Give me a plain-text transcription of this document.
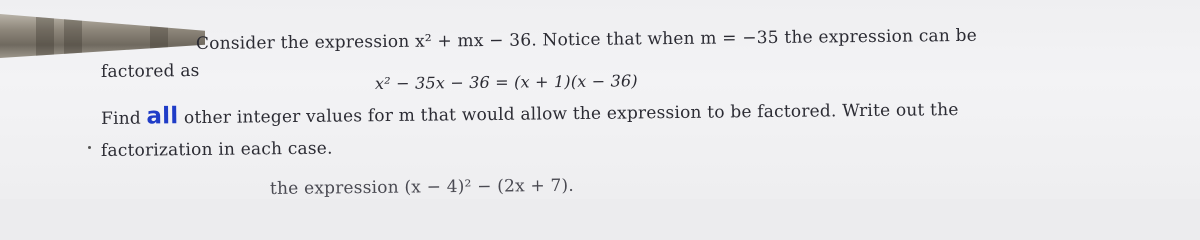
Consider the expression x² + mx − 36. Notice that when m = −35 the expression can be
factored as	x² − 35x − 36 = (x + 1)(x − 36)
Find all other integer values for m that would allow the expression to be factored. Write out the
factorization in each case.
the expression (x − 4)² − (2x + 7).
